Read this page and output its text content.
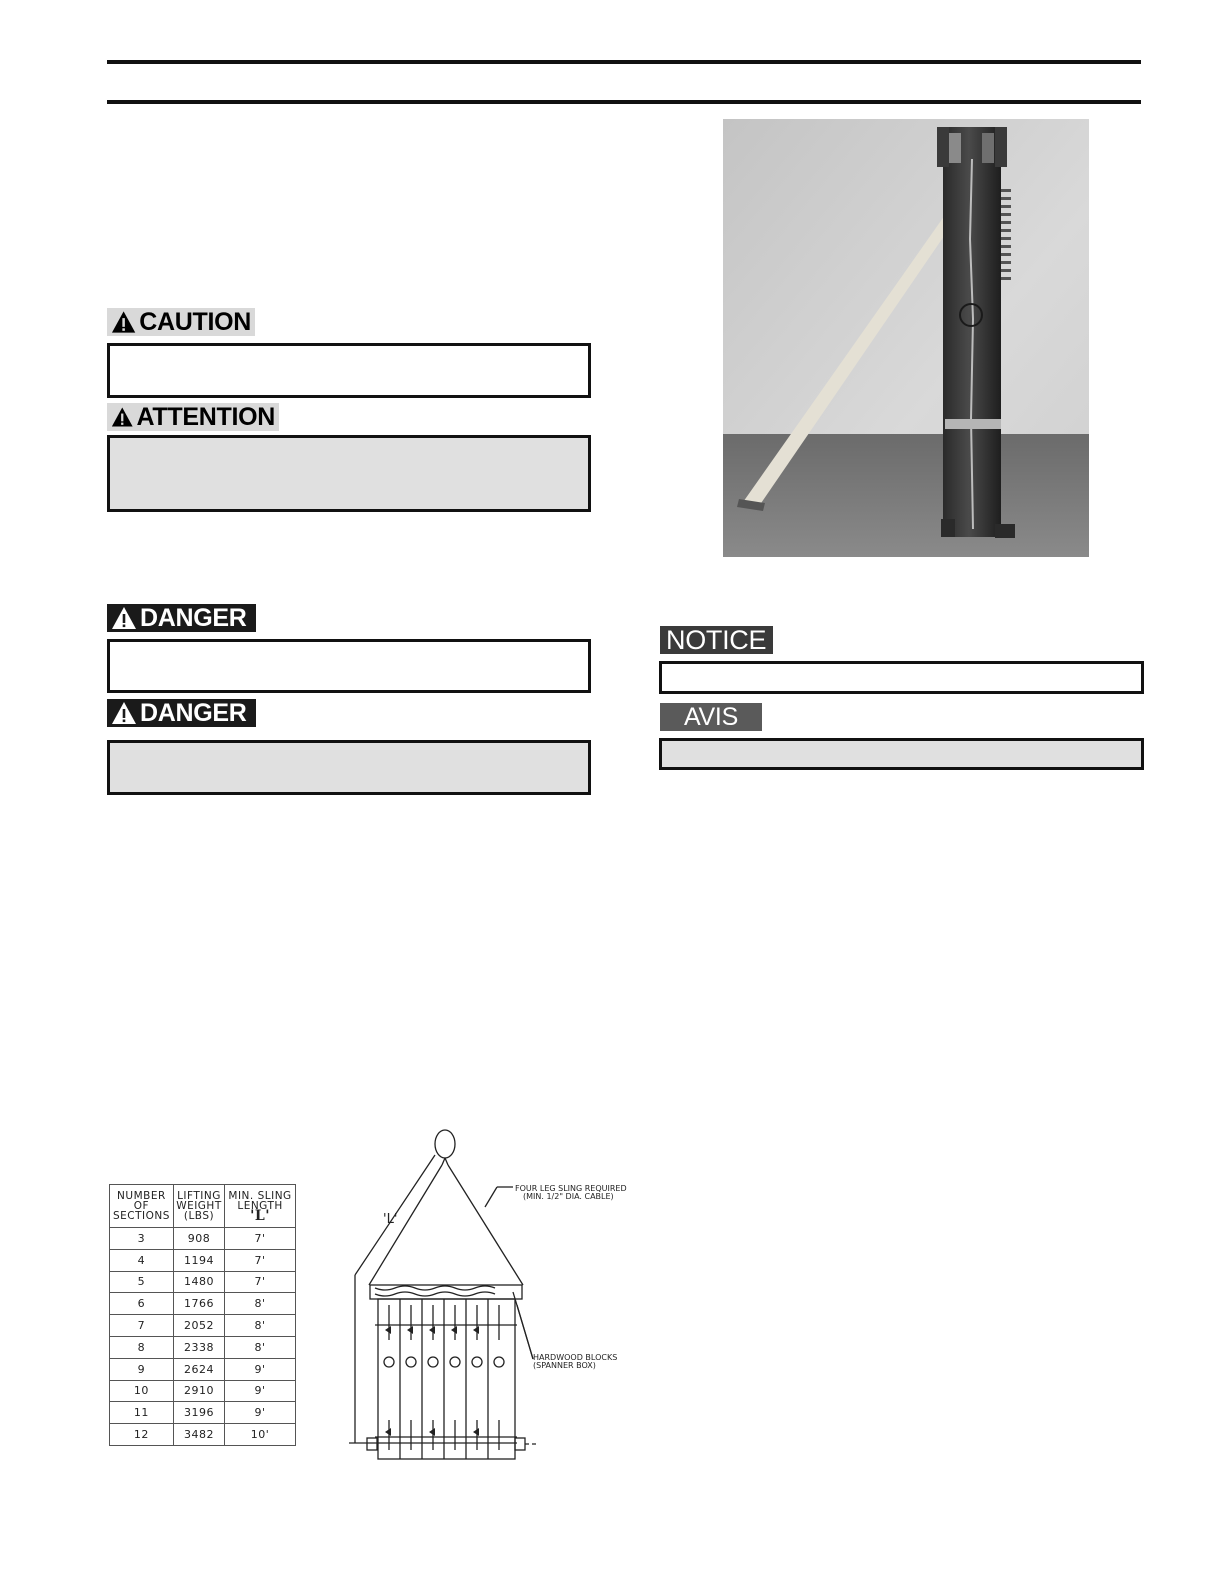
CAUTION
ATTENTION
DANGER
DANGER
NOTICE
AVIS
NUMBER
OF
SECTIONS	LIFTING
WEIGHT
(LBS)	MIN. SLING
LENGTH
'L'
3	908	7'
4	1194	7'
5	1480	7'
6	1766	8'
7	2052	8'
8	2338	8'
9	2624	9'
10	2910	9'
11	3196	9'
12	3482	10'
'L'
FOUR LEG SLING REQUIRED
(MIN. 1/2" DIA. CABLE)
HARDWOOD BLOCKS
(SPANNER BOX)
